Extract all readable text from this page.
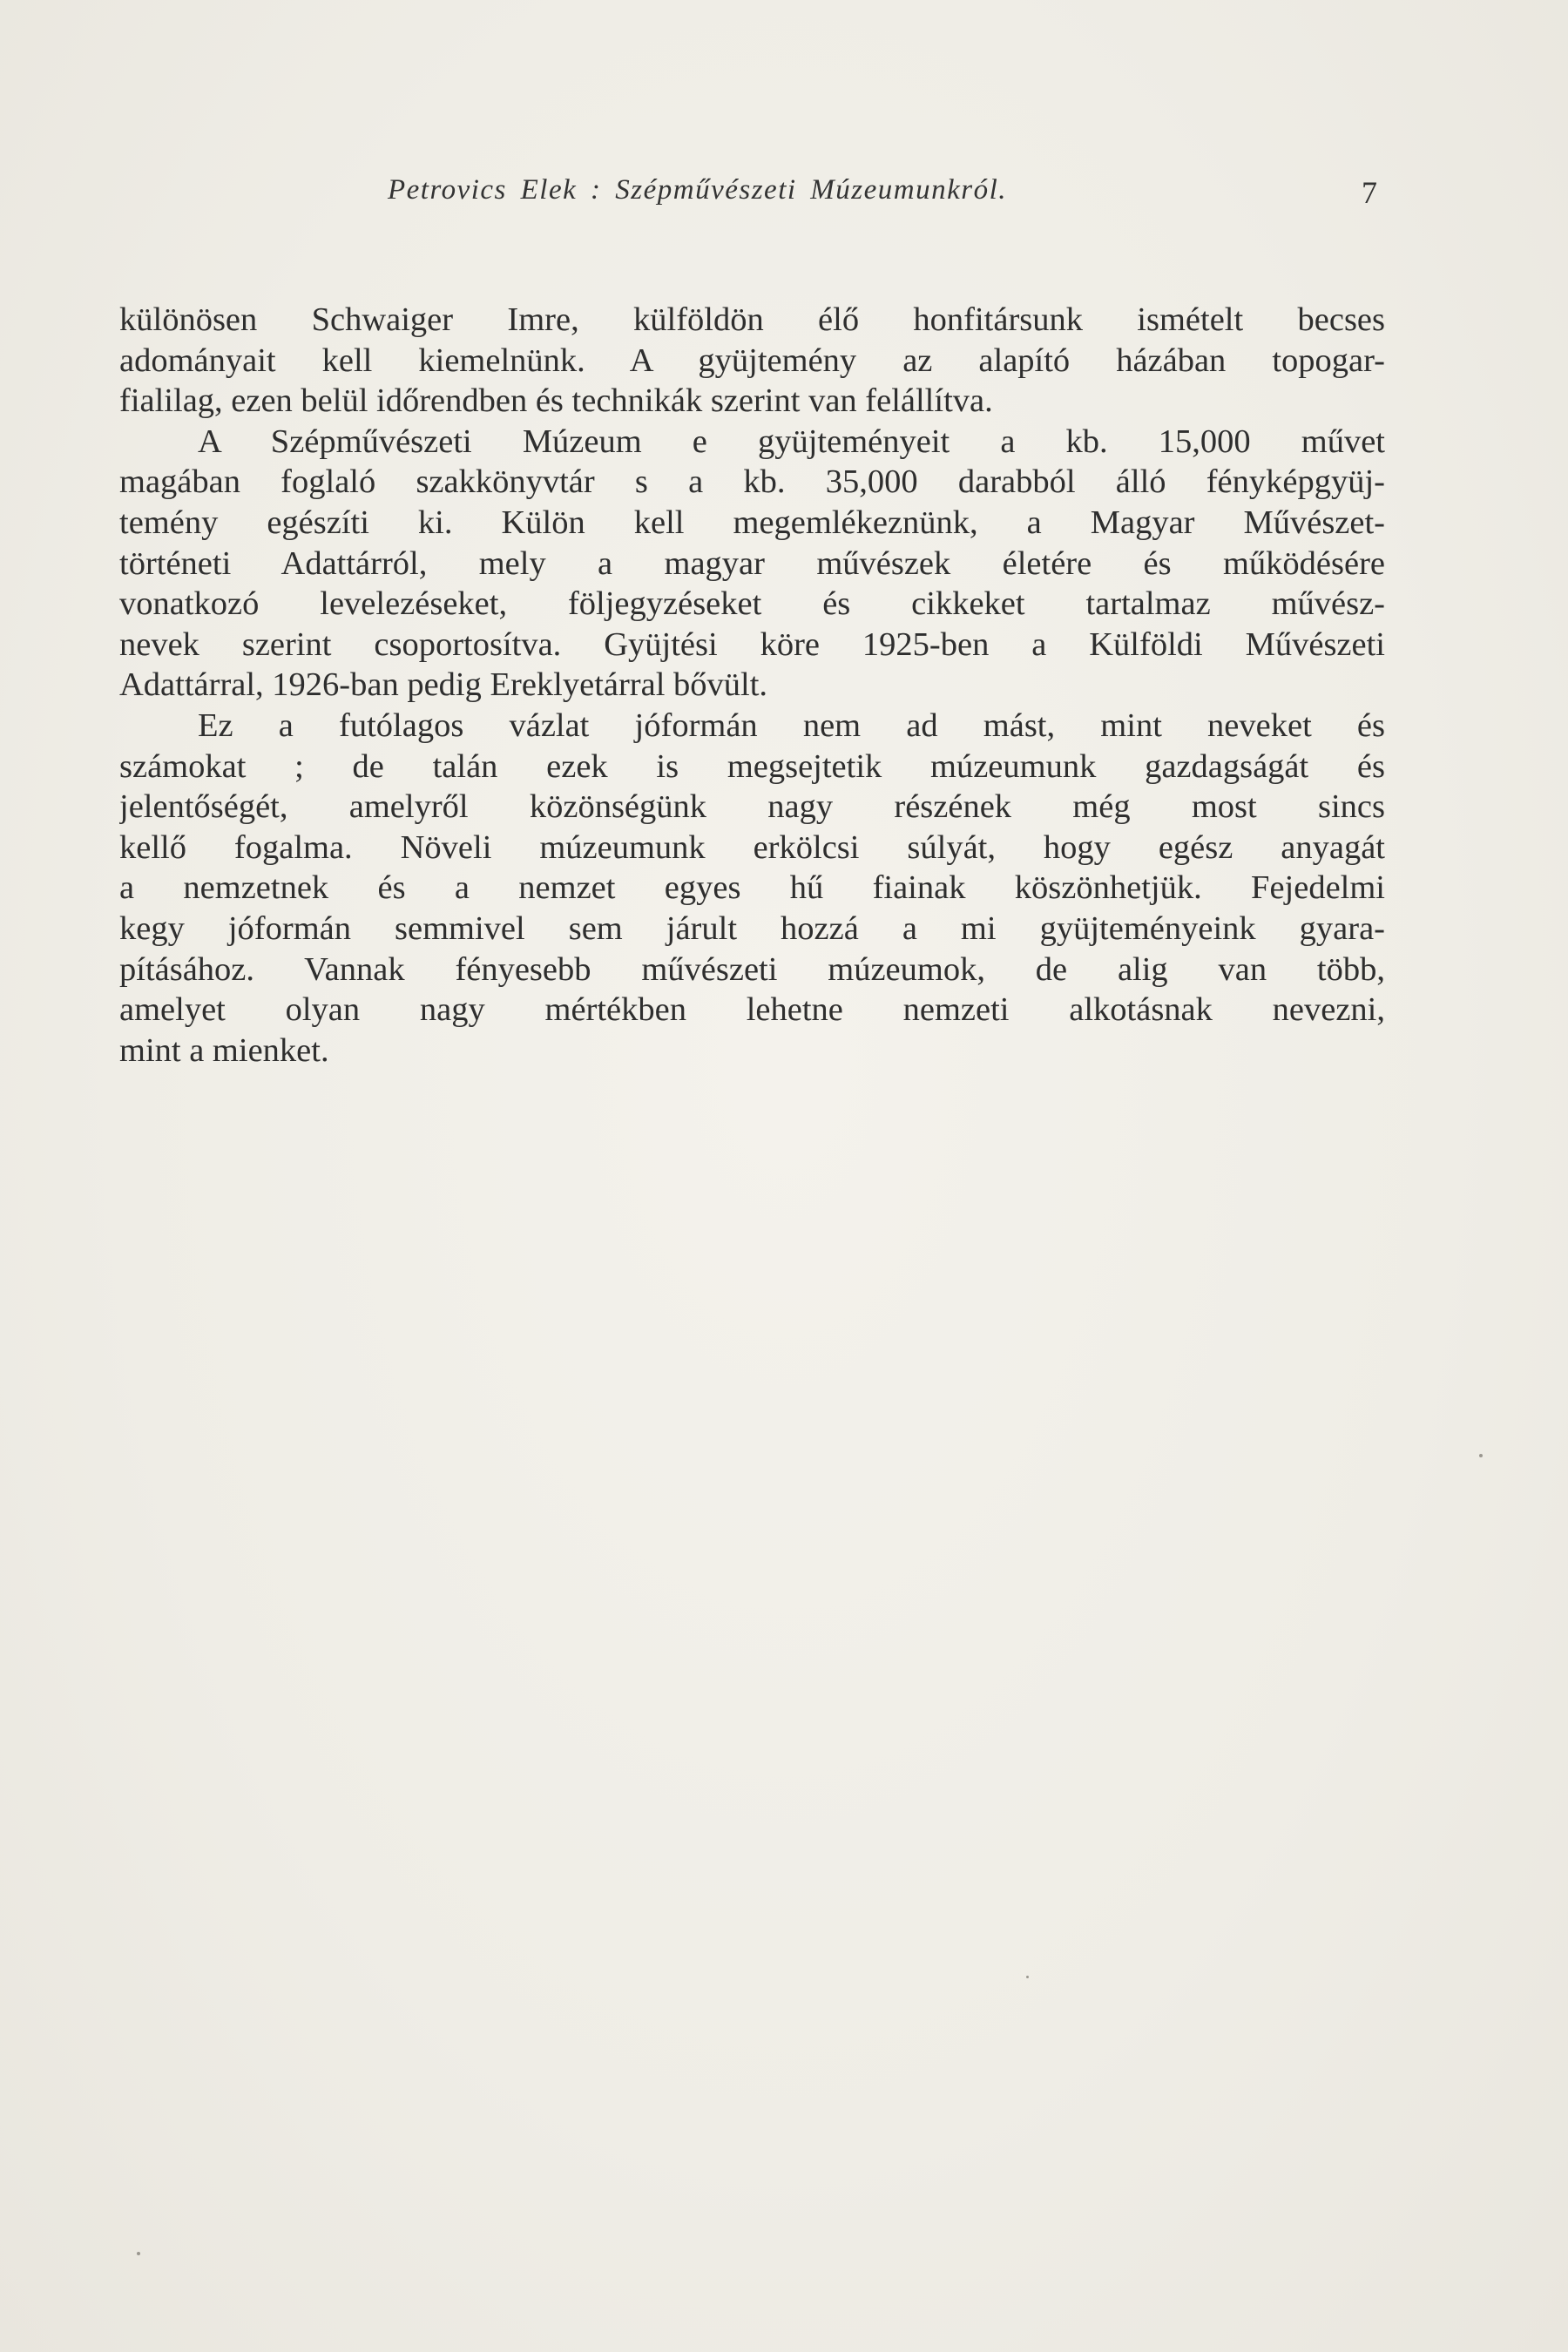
Petrovics Elek : Szépművészeti Múzeumunkról.	7
különösen Schwaiger Imre, külföldön élő honfitársunk ismételt becses
adományait kell kiemelnünk. A gyüjtemény az alapító házában topogar-
fialilag, ezen belül időrendben és technikák szerint van felállítva.
A Szépművészeti Múzeum e gyüjteményeit a kb. 15,000 művet
magában foglaló szakkönyvtár s a kb. 35,000 darabból álló fényképgyüj-
temény egészíti ki. Külön kell megemlékeznünk, a Magyar Művészet-
történeti Adattárról, mely a magyar művészek életére és működésére
vonatkozó levelezéseket, följegyzéseket és cikkeket tartalmaz művész-
nevek szerint csoportosítva. Gyüjtési köre 1925-ben a Külföldi Művészeti
Adattárral, 1926-ban pedig Ereklyetárral bővült.
Ez a futólagos vázlat jóformán nem ad mást, mint neveket és
számokat ; de talán ezek is megsejtetik múzeumunk gazdagságát és
jelentőségét, amelyről közönségünk nagy részének még most sincs
kellő fogalma. Növeli múzeumunk erkölcsi súlyát, hogy egész anyagát
a nemzetnek és a nemzet egyes hű fiainak köszönhetjük. Fejedelmi
kegy jóformán semmivel sem járult hozzá a mi gyüjteményeink gyara-
pításához. Vannak fényesebb művészeti múzeumok, de alig van több,
amelyet olyan nagy mértékben lehetne nemzeti alkotásnak nevezni,
mint a mienket.
